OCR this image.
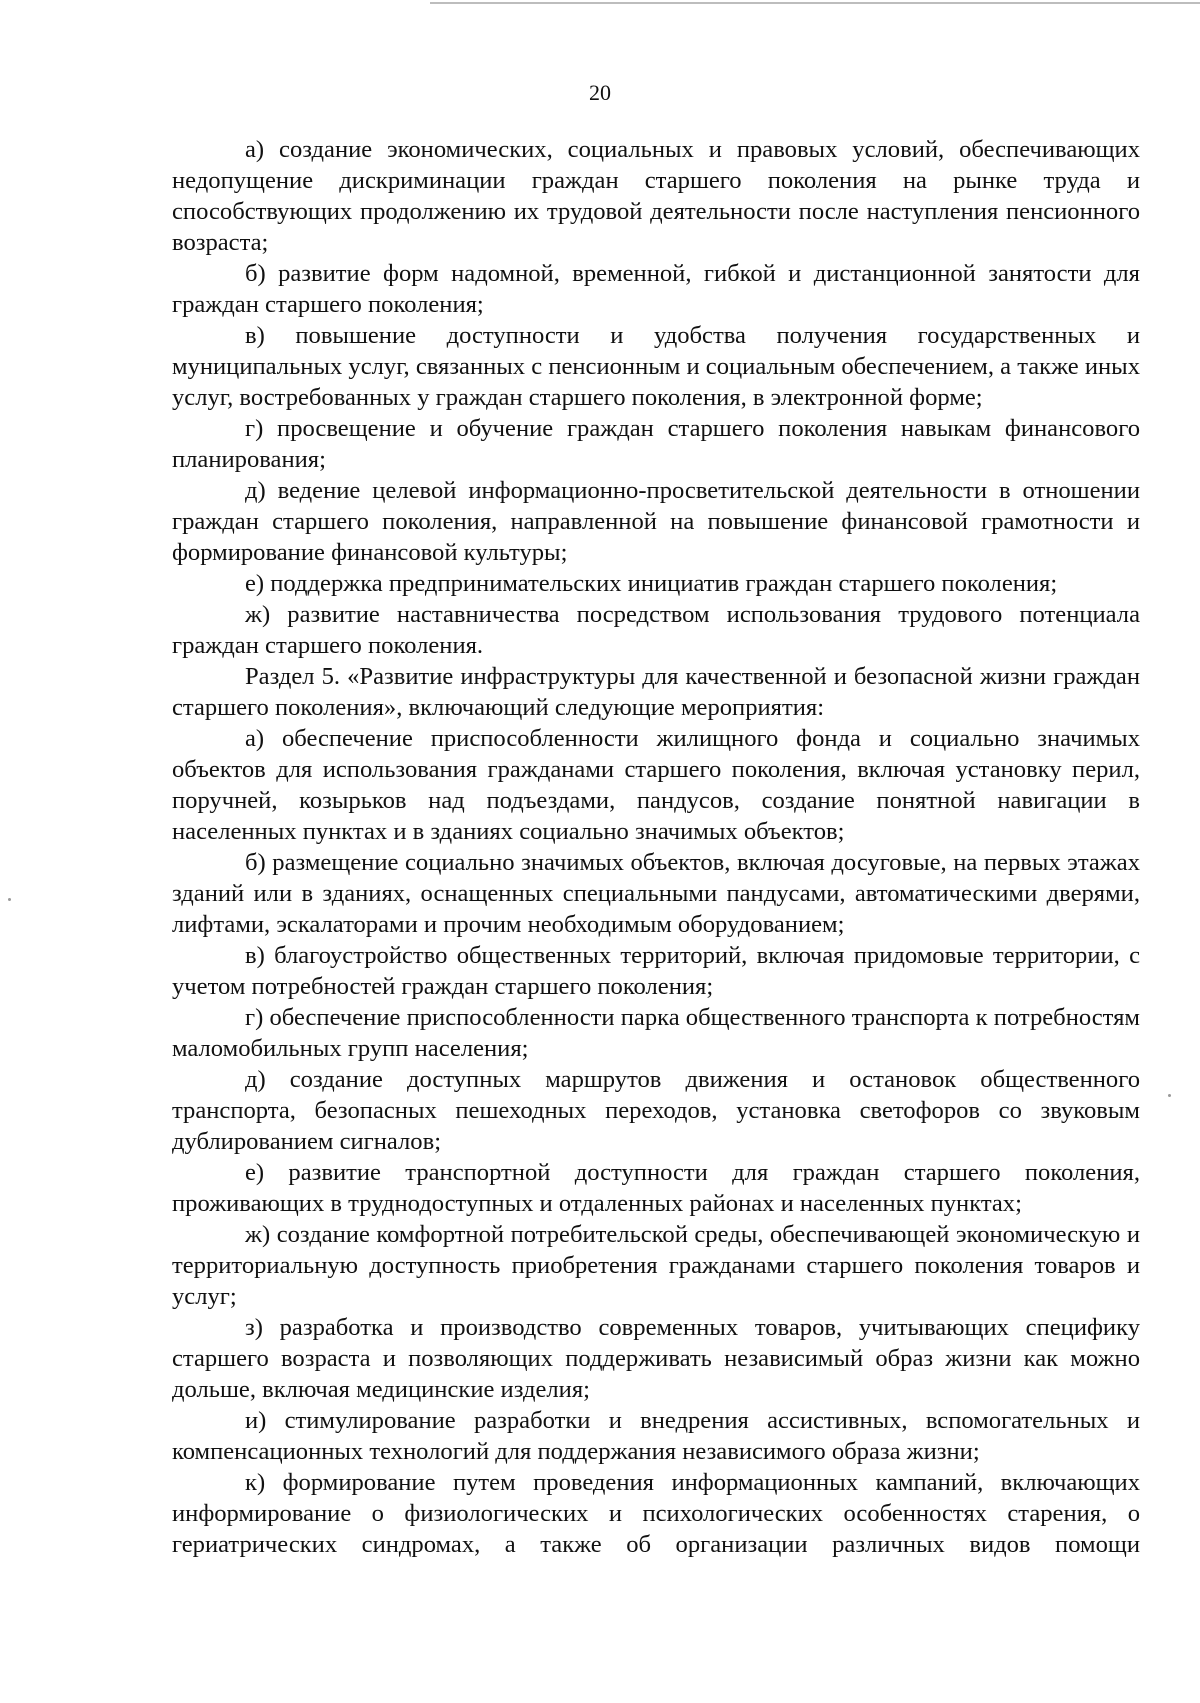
20

а) создание экономических, социальных и правовых условий, обеспечивающих недопущение дискриминации граждан старшего поколения на рынке труда и способствующих продолжению их трудовой деятельности после наступления пенсионного возраста;

б) развитие форм надомной, временной, гибкой и дистанционной занятости для граждан старшего поколения;

в) повышение доступности и удобства получения государственных и муниципальных услуг, связанных с пенсионным и социальным обеспечением, а также иных услуг, востребованных у граждан старшего поколения, в электронной форме;

г) просвещение и обучение граждан старшего поколения навыкам финансового планирования;

д) ведение целевой информационно-просветительской деятельности в отношении граждан старшего поколения, направленной на повышение финансовой грамотности и формирование финансовой культуры;

е) поддержка предпринимательских инициатив граждан старшего поколения;

ж) развитие наставничества посредством использования трудового потенциала граждан старшего поколения.

Раздел 5. «Развитие инфраструктуры для качественной и безопасной жизни граждан старшего поколения», включающий следующие мероприятия:

а) обеспечение приспособленности жилищного фонда и социально значимых объектов для использования гражданами старшего поколения, включая установку перил, поручней, козырьков над подъездами, пандусов, создание понятной навигации в населенных пунктах и в зданиях социально значимых объектов;

б) размещение социально значимых объектов, включая досуговые, на первых этажах зданий или в зданиях, оснащенных специальными пандусами, автоматическими дверями, лифтами, эскалаторами и прочим необходимым оборудованием;

в) благоустройство общественных территорий, включая придомовые территории, с учетом потребностей граждан старшего поколения;

г) обеспечение приспособленности парка общественного транспорта к потребностям маломобильных групп населения;

д) создание доступных маршрутов движения и остановок общественного транспорта, безопасных пешеходных переходов, установка светофоров со звуковым дублированием сигналов;

е) развитие транспортной доступности для граждан старшего поколения, проживающих в труднодоступных и отдаленных районах и населенных пунктах;

ж) создание комфортной потребительской среды, обеспечивающей экономическую и территориальную доступность приобретения гражданами старшего поколения товаров и услуг;

з) разработка и производство современных товаров, учитывающих специфику старшего возраста и позволяющих поддерживать независимый образ жизни как можно дольше, включая медицинские изделия;

и) стимулирование разработки и внедрения ассистивных, вспомогательных и компенсационных технологий для поддержания независимого образа жизни;

к) формирование путем проведения информационных кампаний, включающих информирование о физиологических и психологических особенностях старения, о гериатрических синдромах, а также об организации различных видов помощи
